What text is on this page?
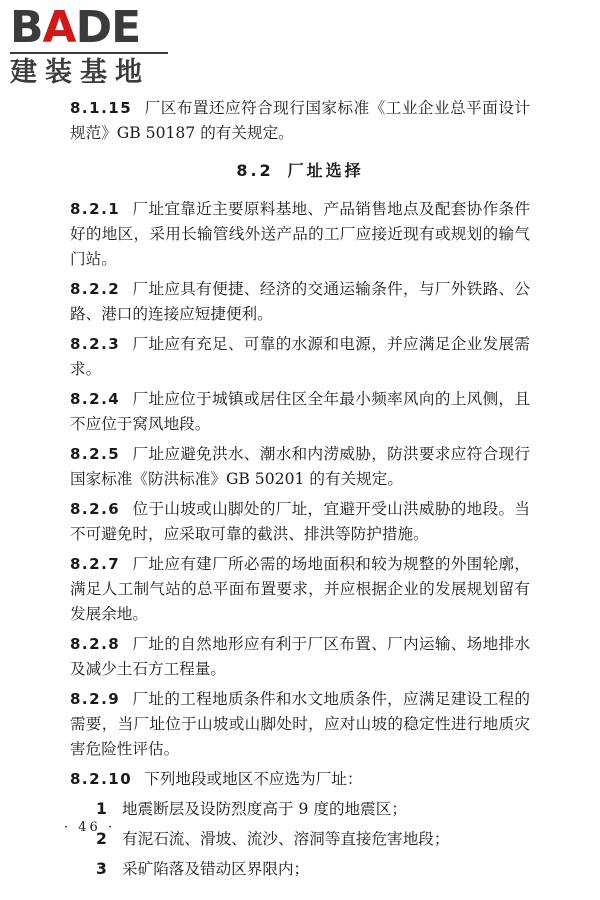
BADE
建装基地

8.1.15 厂区布置还应符合现行国家标准《工业企业总平面设计规范》GB 50187 的有关规定。

8.2 厂址选择

8.2.1 厂址宜靠近主要原料基地、产品销售地点及配套协作条件好的地区，采用长输管线外送产品的工厂应接近现有或规划的输气门站。

8.2.2 厂址应具有便捷、经济的交通运输条件，与厂外铁路、公路、港口的连接应短捷便利。

8.2.3 厂址应有充足、可靠的水源和电源，并应满足企业发展需求。

8.2.4 厂址应位于城镇或居住区全年最小频率风向的上风侧，且不应位于窝风地段。

8.2.5 厂址应避免洪水、潮水和内涝威胁，防洪要求应符合现行国家标准《防洪标准》GB 50201 的有关规定。

8.2.6 位于山坡或山脚处的厂址，宜避开受山洪威胁的地段。当不可避免时，应采取可靠的截洪、排洪等防护措施。

8.2.7 厂址应有建厂所必需的场地面积和较为规整的外围轮廓，满足人工制气站的总平面布置要求，并应根据企业的发展规划留有发展余地。

8.2.8 厂址的自然地形应有利于厂区布置、厂内运输、场地排水及减少土石方工程量。

8.2.9 厂址的工程地质条件和水文地质条件，应满足建设工程的需要，当厂址位于山坡或山脚处时，应对山坡的稳定性进行地质灾害危险性评估。

8.2.10 下列地段或地区不应选为厂址：

1 地震断层及设防烈度高于 9 度的地震区；

2 有泥石流、滑坡、流沙、溶洞等直接危害地段；

3 采矿陷落及错动区界限内；

· 46 ·
